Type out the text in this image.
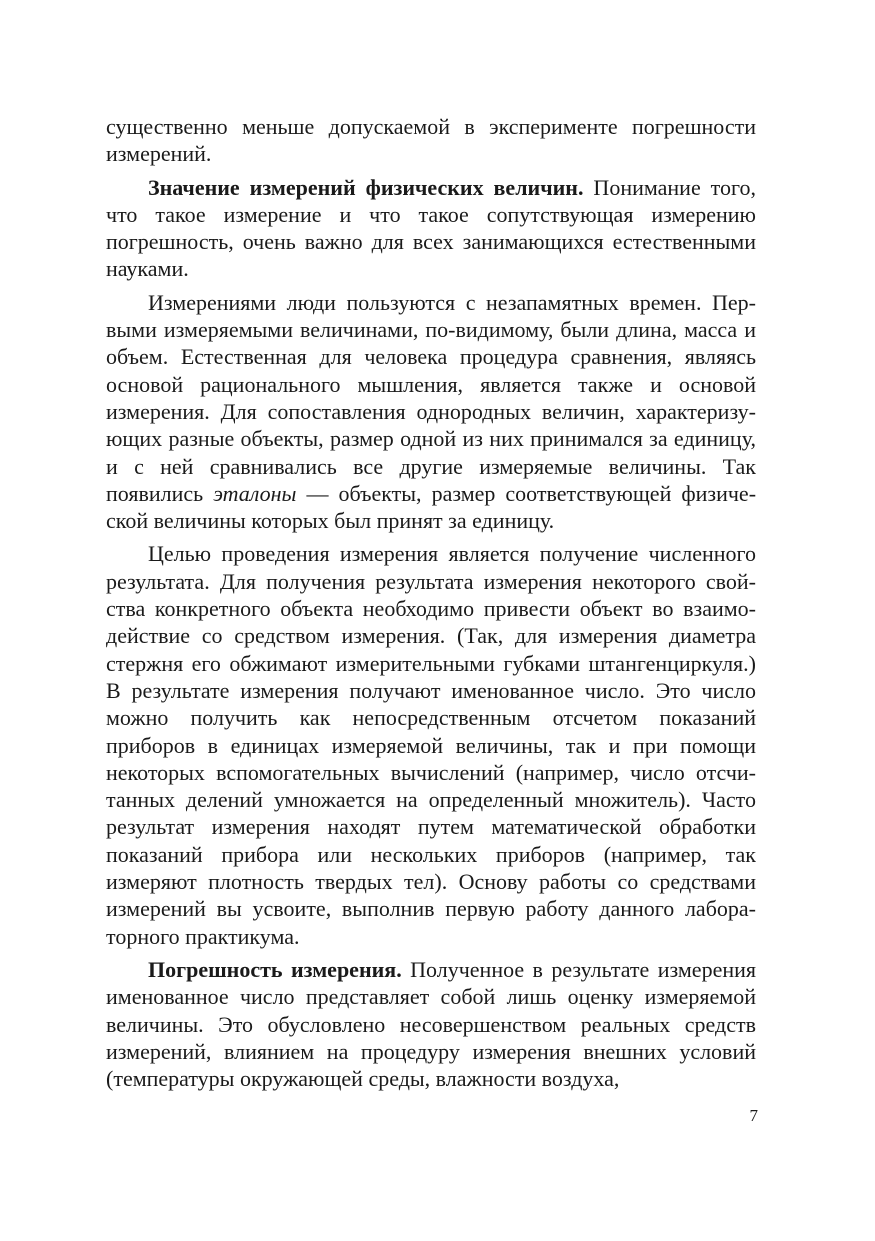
существенно меньше допускаемой в эксперименте погрешности измерений.

Значение измерений физических величин. Понимание того, что такое измерение и что такое сопутствующая измерению погрешность, очень важно для всех занимающихся естественными науками.

Измерениями люди пользуются с незапамятных времен. Первыми измеряемыми величинами, по-видимому, были длина, масса и объем. Естественная для человека процедура сравнения, являясь основой рационального мышления, является также и основой измерения. Для сопоставления однородных величин, характеризующих разные объекты, размер одной из них принимался за единицу, и с ней сравнивались все другие измеряемые величины. Так появились эталоны — объекты, размер соответствующей физической величины которых был принят за единицу.

Целью проведения измерения является получение численного результата. Для получения результата измерения некоторого свойства конкретного объекта необходимо привести объект во взаимодействие со средством измерения. (Так, для измерения диаметра стержня его обжимают измерительными губками штангенциркуля.) В результате измерения получают именованное число. Это число можно получить как непосредственным отсчетом показаний приборов в единицах измеряемой величины, так и при помощи некоторых вспомогательных вычислений (например, число отсчитанных делений умножается на определенный множитель). Часто результат измерения находят путем математической обработки показаний прибора или нескольких приборов (например, так измеряют плотность твердых тел). Основу работы со средствами измерений вы усвоите, выполнив первую работу данного лабораторного практикума.

Погрешность измерения. Полученное в результате измерения именованное число представляет собой лишь оценку измеряемой величины. Это обусловлено несовершенством реальных средств измерений, влиянием на процедуру измерения внешних условий (температуры окружающей среды, влажности воздуха,

7
